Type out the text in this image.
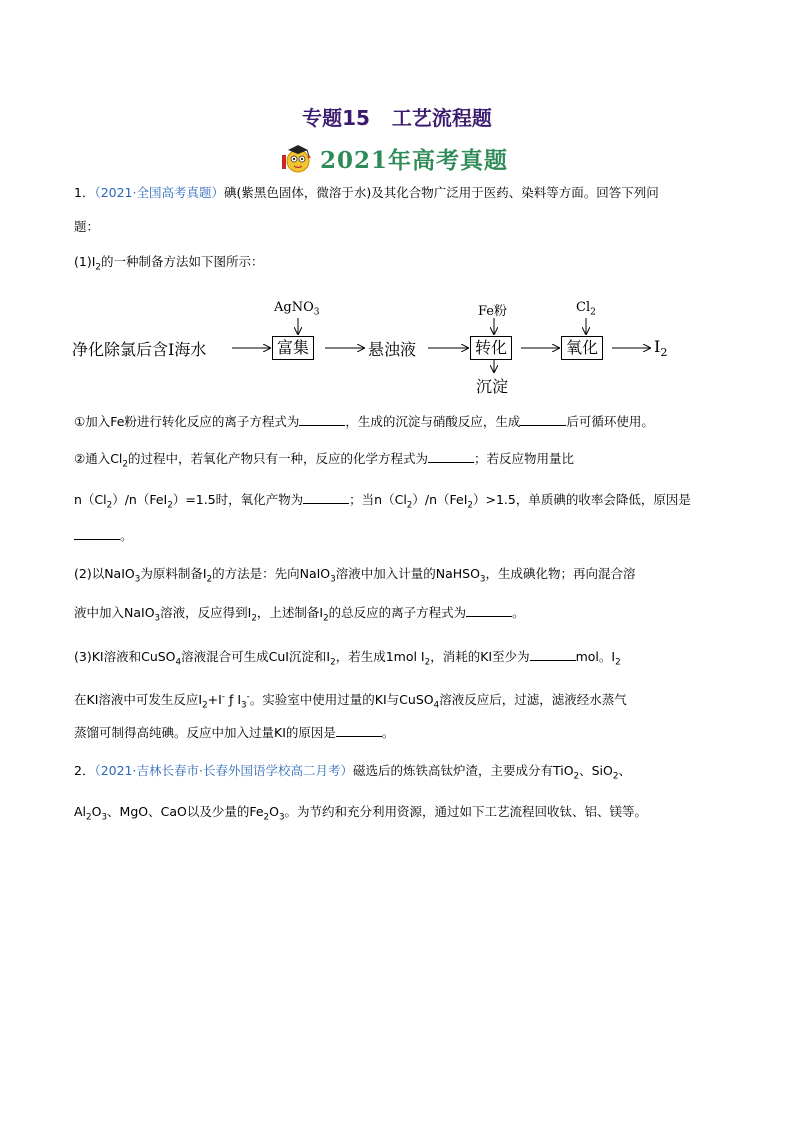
专题15 工艺流程题
2021年高考真题
1．（2021·全国高考真题）碘(紫黑色固体，微溶于水)及其化合物广泛用于医药、染料等方面。回答下列问
题：
$(1)I_2$的一种制备方法如下图所示：
净化除氯后含I海水	富集
AgNO$_3$
悬浊液	转化
Fe粉
沉淀
氧化
$Cl_2$
$I_2$
①加入Fe粉进行转化反应的离子方程式为	，生成的沉淀与硝酸反应，生成	后可循环使用。
②通入$Cl_2$的过程中，若氧化产物只有一种，反应的化学方程式为	；若反应物用量比
$n(Cl_2)/n(FeI_2)=1.5$时，氧化产物为	；当$n(Cl_2)/n(FeI_2)>1.5$，单质碘的收率会降低，原因是
。
(2)以NaIO$_3$为原料制备$I_2$的方法是：先向NaIO$_3$溶液中加入计量的NaHSO$_3$，生成碘化物；再向混合溶
液中加入NaIO$_3$溶液，反应得到$I_2$，上述制备$I_2$的总反应的离子方程式为	。
(3)KI溶液和CuSO$_4$溶液混合可生成CuI沉淀和$I_2$，若生成1mol $I_2$，消耗的KI至少为	mol。$I_2$
在KI溶液中可发生反应$I_2+I^-$ ƒ $I_3^-$。实验室中使用过量的KI与CuSO$_4$溶液反应后，过滤，滤液经水蒸气
蒸馏可制得高纯碘。反应中加入过量KI的原因是	。
2．（2021·吉林长春市·长春外国语学校高二月考）磁选后的炼铁高钛炉渣，主要成分有TiO$_2$、SiO$_2$、
$Al_2O_3$、MgO、CaO以及少量的$Fe_2O_3$。为节约和充分利用资源，通过如下工艺流程回收钛、铝、镁等。
